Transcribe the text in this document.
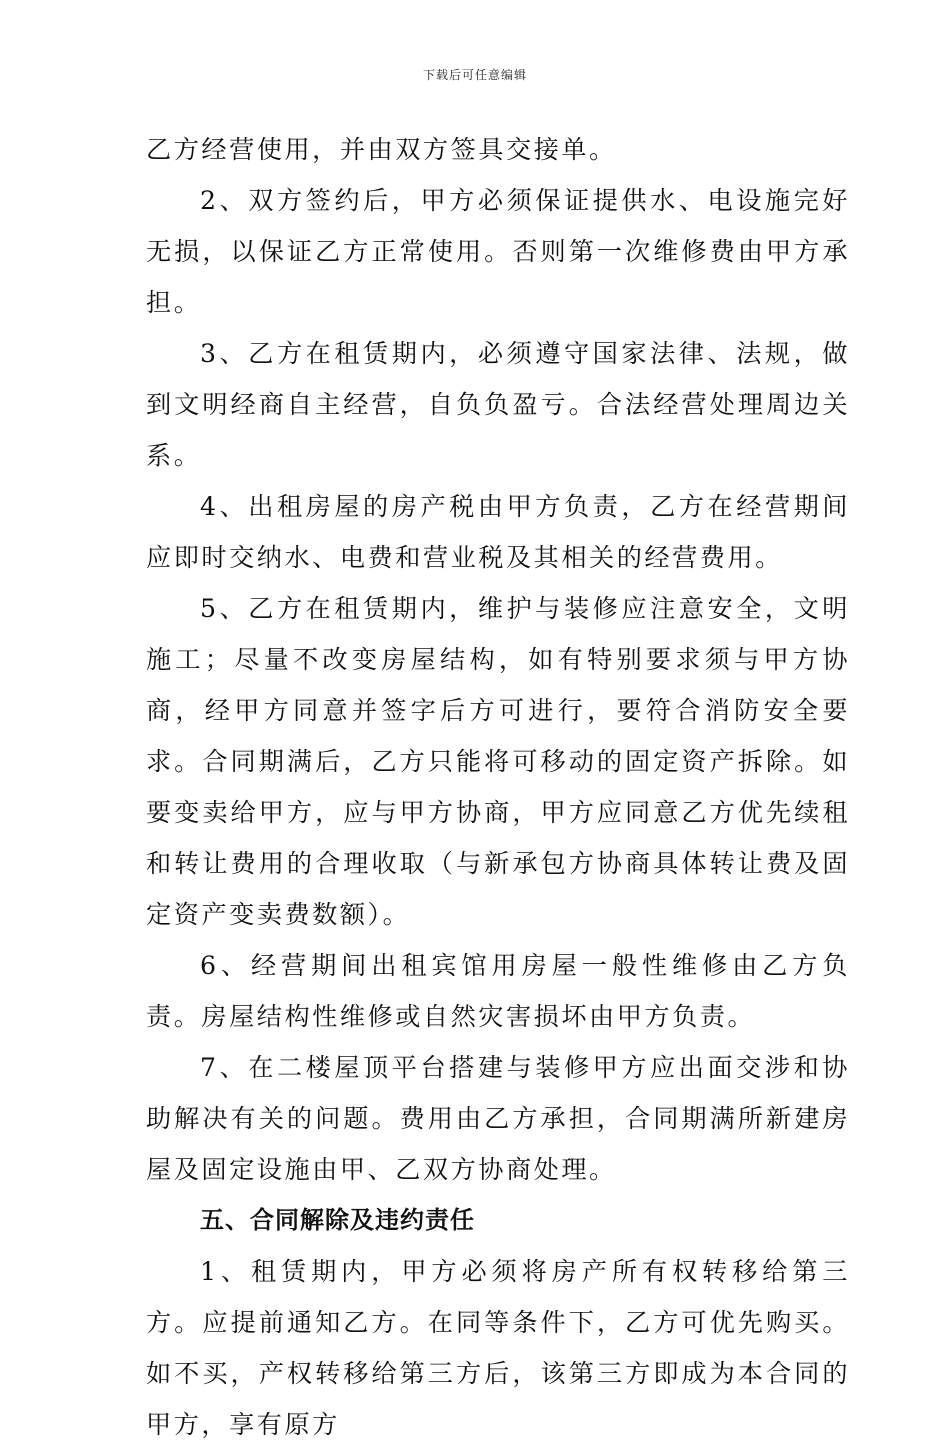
下载后可任意编辑

乙方经营使用，并由双方签具交接单。

2、双方签约后，甲方必须保证提供水、电设施完好无损，以保证乙方正常使用。否则第一次维修费由甲方承担。

3、乙方在租赁期内，必须遵守国家法律、法规，做到文明经商自主经营，自负负盈亏。合法经营处理周边关系。

4、出租房屋的房产税由甲方负责，乙方在经营期间应即时交纳水、电费和营业税及其相关的经营费用。

5、乙方在租赁期内，维护与装修应注意安全，文明施工；尽量不改变房屋结构，如有特别要求须与甲方协商，经甲方同意并签字后方可进行，要符合消防安全要求。合同期满后，乙方只能将可移动的固定资产拆除。如要变卖给甲方，应与甲方协商，甲方应同意乙方优先续租和转让费用的合理收取（与新承包方协商具体转让费及固定资产变卖费数额）。

6、经营期间出租宾馆用房屋一般性维修由乙方负责。房屋结构性维修或自然灾害损坏由甲方负责。

7、在二楼屋顶平台搭建与装修甲方应出面交涉和协助解决有关的问题。费用由乙方承担，合同期满所新建房屋及固定设施由甲、乙双方协商处理。

五、合同解除及违约责任

1、租赁期内，甲方必须将房产所有权转移给第三方。应提前通知乙方。在同等条件下，乙方可优先购买。如不买，产权转移给第三方后，该第三方即成为本合同的甲方，享有原方
